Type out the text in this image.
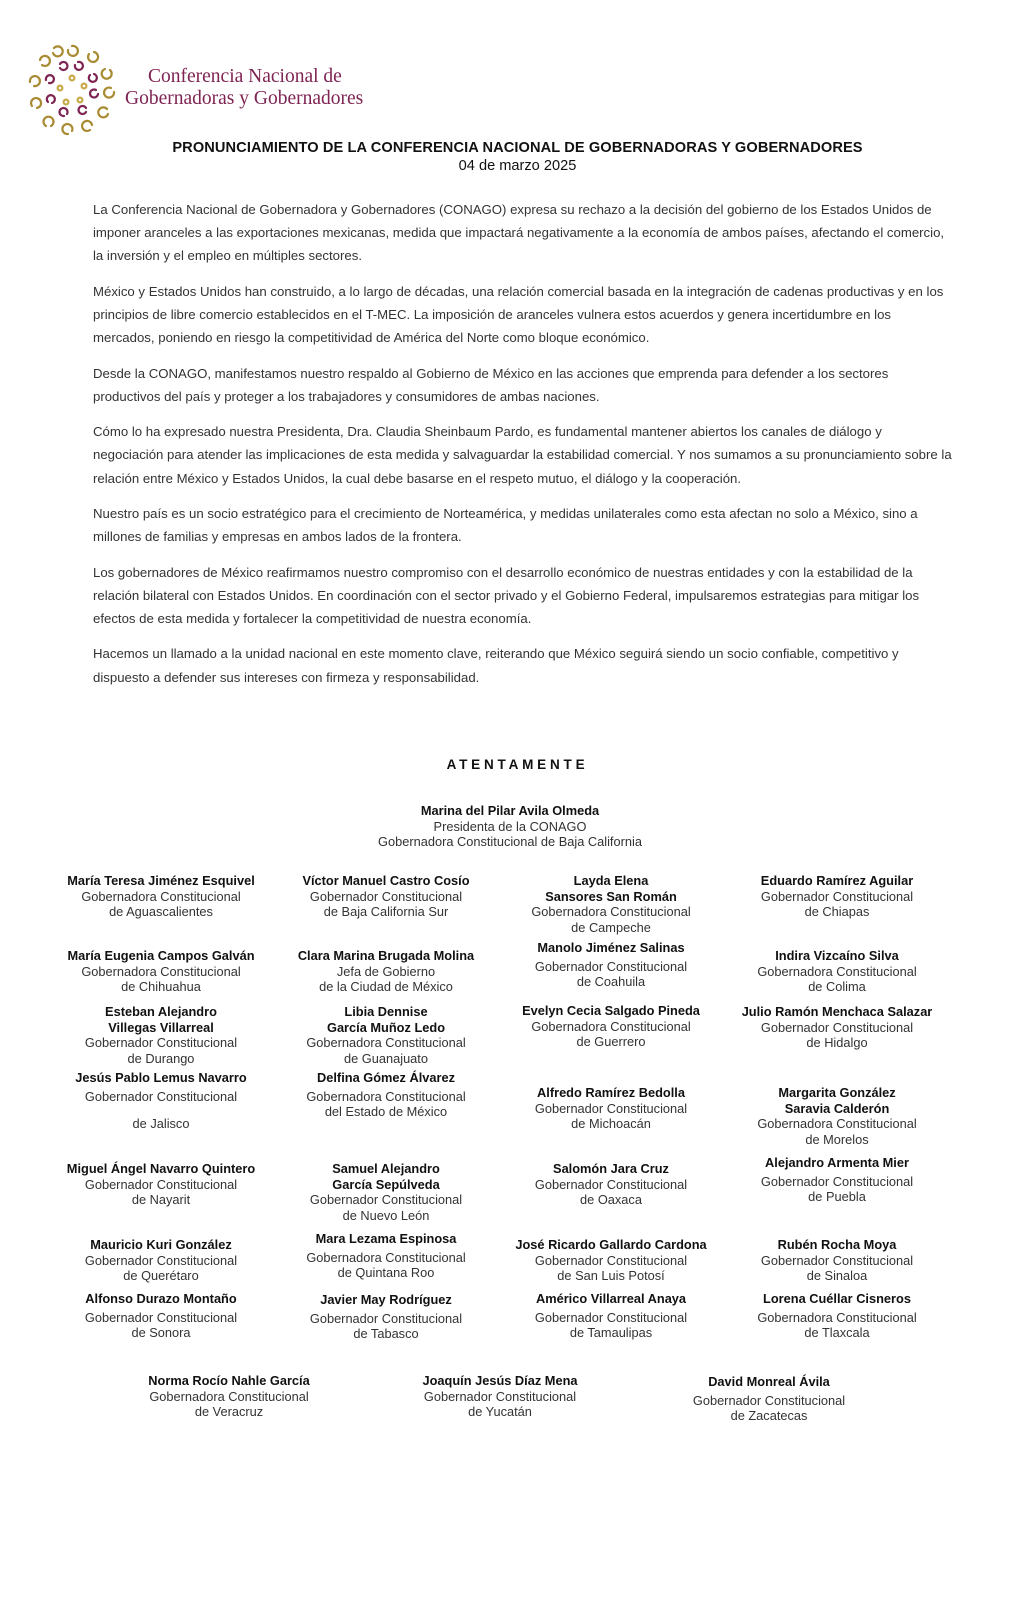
Conferencia Nacional de
Gobernadoras y Gobernadores
PRONUNCIAMIENTO DE LA CONFERENCIA NACIONAL DE GOBERNADORAS Y GOBERNADORES
04 de marzo 2025

La Conferencia Nacional de Gobernadora y Gobernadores (CONAGO) expresa su rechazo a la decisión del gobierno de los Estados Unidos de imponer aranceles a las exportaciones mexicanas, medida que impactará negativamente a la economía de ambos países, afectando el comercio, la inversión y el empleo en múltiples sectores.

México y Estados Unidos han construido, a lo largo de décadas, una relación comercial basada en la integración de cadenas productivas y en los principios de libre comercio establecidos en el T-MEC. La imposición de aranceles vulnera estos acuerdos y genera incertidumbre en los mercados, poniendo en riesgo la competitividad de América del Norte como bloque económico.

Desde la CONAGO, manifestamos nuestro respaldo al Gobierno de México en las acciones que emprenda para defender a los sectores productivos del país y proteger a los trabajadores y consumidores de ambas naciones.

Cómo lo ha expresado nuestra Presidenta, Dra. Claudia Sheinbaum Pardo, es fundamental mantener abiertos los canales de diálogo y negociación para atender las implicaciones de esta medida y salvaguardar la estabilidad comercial. Y nos sumamos a su pronunciamiento sobre la relación entre México y Estados Unidos, la cual debe basarse en el respeto mutuo, el diálogo y la cooperación.

Nuestro país es un socio estratégico para el crecimiento de Norteamérica, y medidas unilaterales como esta afectan no solo a México, sino a millones de familias y empresas en ambos lados de la frontera.

Los gobernadores de México reafirmamos nuestro compromiso con el desarrollo económico de nuestras entidades y con la estabilidad de la relación bilateral con Estados Unidos. En coordinación con el sector privado y el Gobierno Federal, impulsaremos estrategias para mitigar los efectos de esta medida y fortalecer la competitividad de nuestra economía.

Hacemos un llamado a la unidad nacional en este momento clave, reiterando que México seguirá siendo un socio confiable, competitivo y dispuesto a defender sus intereses con firmeza y responsabilidad.

ATENTAMENTE
Marina del Pilar Avila Olmeda
Presidenta de la CONAGO
Gobernadora Constitucional de Baja California
María Teresa Jiménez Esquivel
Gobernadora Constitucional
de Aguascalientes
Víctor Manuel Castro Cosío
Gobernador Constitucional
de Baja California Sur
Layda Elena
Sansores San Román
Gobernadora Constitucional
de Campeche
Eduardo Ramírez Aguilar
Gobernador Constitucional
de Chiapas
María Eugenia Campos Galván
Gobernadora Constitucional
de Chihuahua
Clara Marina Brugada Molina
Jefa de Gobierno
de la Ciudad de México
Manolo Jiménez Salinas
Gobernador Constitucional
de Coahuila
Indira Vizcaíno Silva
Gobernadora Constitucional
de Colima
Esteban Alejandro
Villegas Villarreal
Gobernador Constitucional
de Durango
Libia Dennise
García Muñoz Ledo
Gobernadora Constitucional
de Guanajuato
Evelyn Cecia Salgado Pineda
Gobernadora Constitucional
de Guerrero
Julio Ramón Menchaca Salazar
Gobernador Constitucional
de Hidalgo
Jesús Pablo Lemus Navarro
Gobernador Constitucional
de Jalisco
Delfina Gómez Álvarez
Gobernadora Constitucional
del Estado de México
Alfredo Ramírez Bedolla
Gobernador Constitucional
de Michoacán
Margarita González
Saravia Calderón
Gobernadora Constitucional
de Morelos
Miguel Ángel Navarro Quintero
Gobernador Constitucional
de Nayarit
Samuel Alejandro
García Sepúlveda
Gobernador Constitucional
de Nuevo León
Salomón Jara Cruz
Gobernador Constitucional
de Oaxaca
Alejandro Armenta Mier
Gobernador Constitucional
de Puebla
Mauricio Kuri González
Gobernador Constitucional
de Querétaro
Mara Lezama Espinosa
Gobernadora Constitucional
de Quintana Roo
José Ricardo Gallardo Cardona
Gobernador Constitucional
de San Luis Potosí
Rubén Rocha Moya
Gobernador Constitucional
de Sinaloa
Alfonso Durazo Montaño
Gobernador Constitucional
de Sonora
Javier May Rodríguez
Gobernador Constitucional
de Tabasco
Américo Villarreal Anaya
Gobernador Constitucional
de Tamaulipas
Lorena Cuéllar Cisneros
Gobernadora Constitucional
de Tlaxcala
Norma Rocío Nahle García
Gobernadora Constitucional
de Veracruz
Joaquín Jesús Díaz Mena
Gobernador Constitucional
de Yucatán
David Monreal Ávila
Gobernador Constitucional
de Zacatecas
